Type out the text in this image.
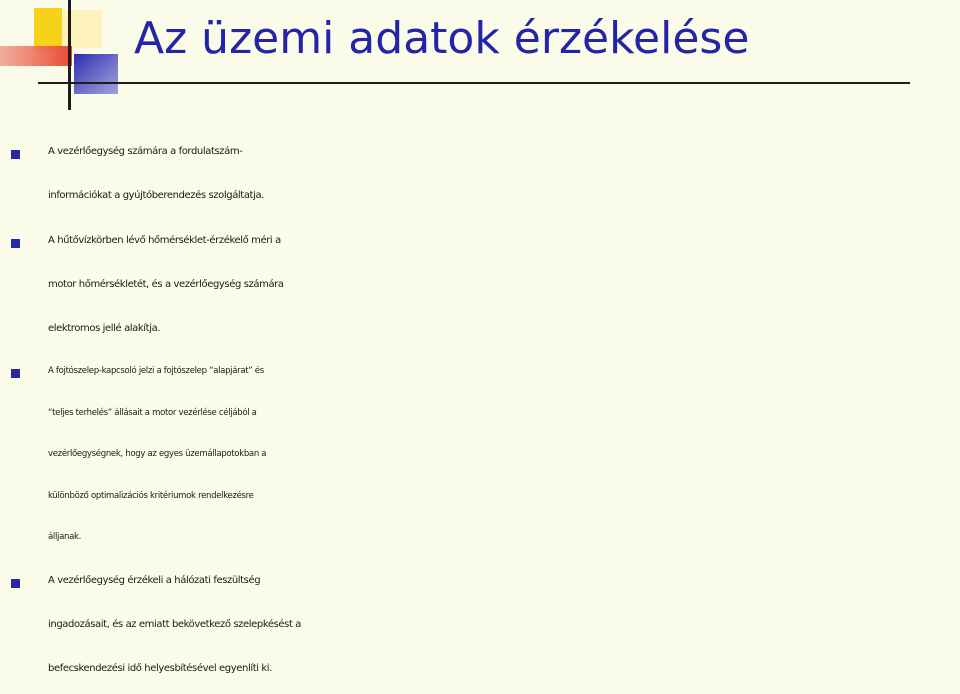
Az üzemi adatok érzékelése
A vezérlőegység számára a fordulatszám-
információkat a gyújtóberendezés szolgáltatja.
A hűtővízkörben lévő hőmérséklet-érzékelő méri a
motor hőmérsékletét, és a vezérlőegység számára
elektromos jellé alakítja.
A fojtószelep-kapcsoló jelzi a fojtószelep “alapjárat” és
“teljes terhelés” állásait a motor vezérlése céljából a
vezérlőegységnek, hogy az egyes üzemállapotokban a
különböző optimalizációs kritériumok rendelkezésre
álljanak.
A vezérlőegység érzékeli a hálózati feszültség
ingadozásait, és az emiatt bekövetkező szelepkésést a
befecskendezési idő helyesbítésével egyenlíti ki.
